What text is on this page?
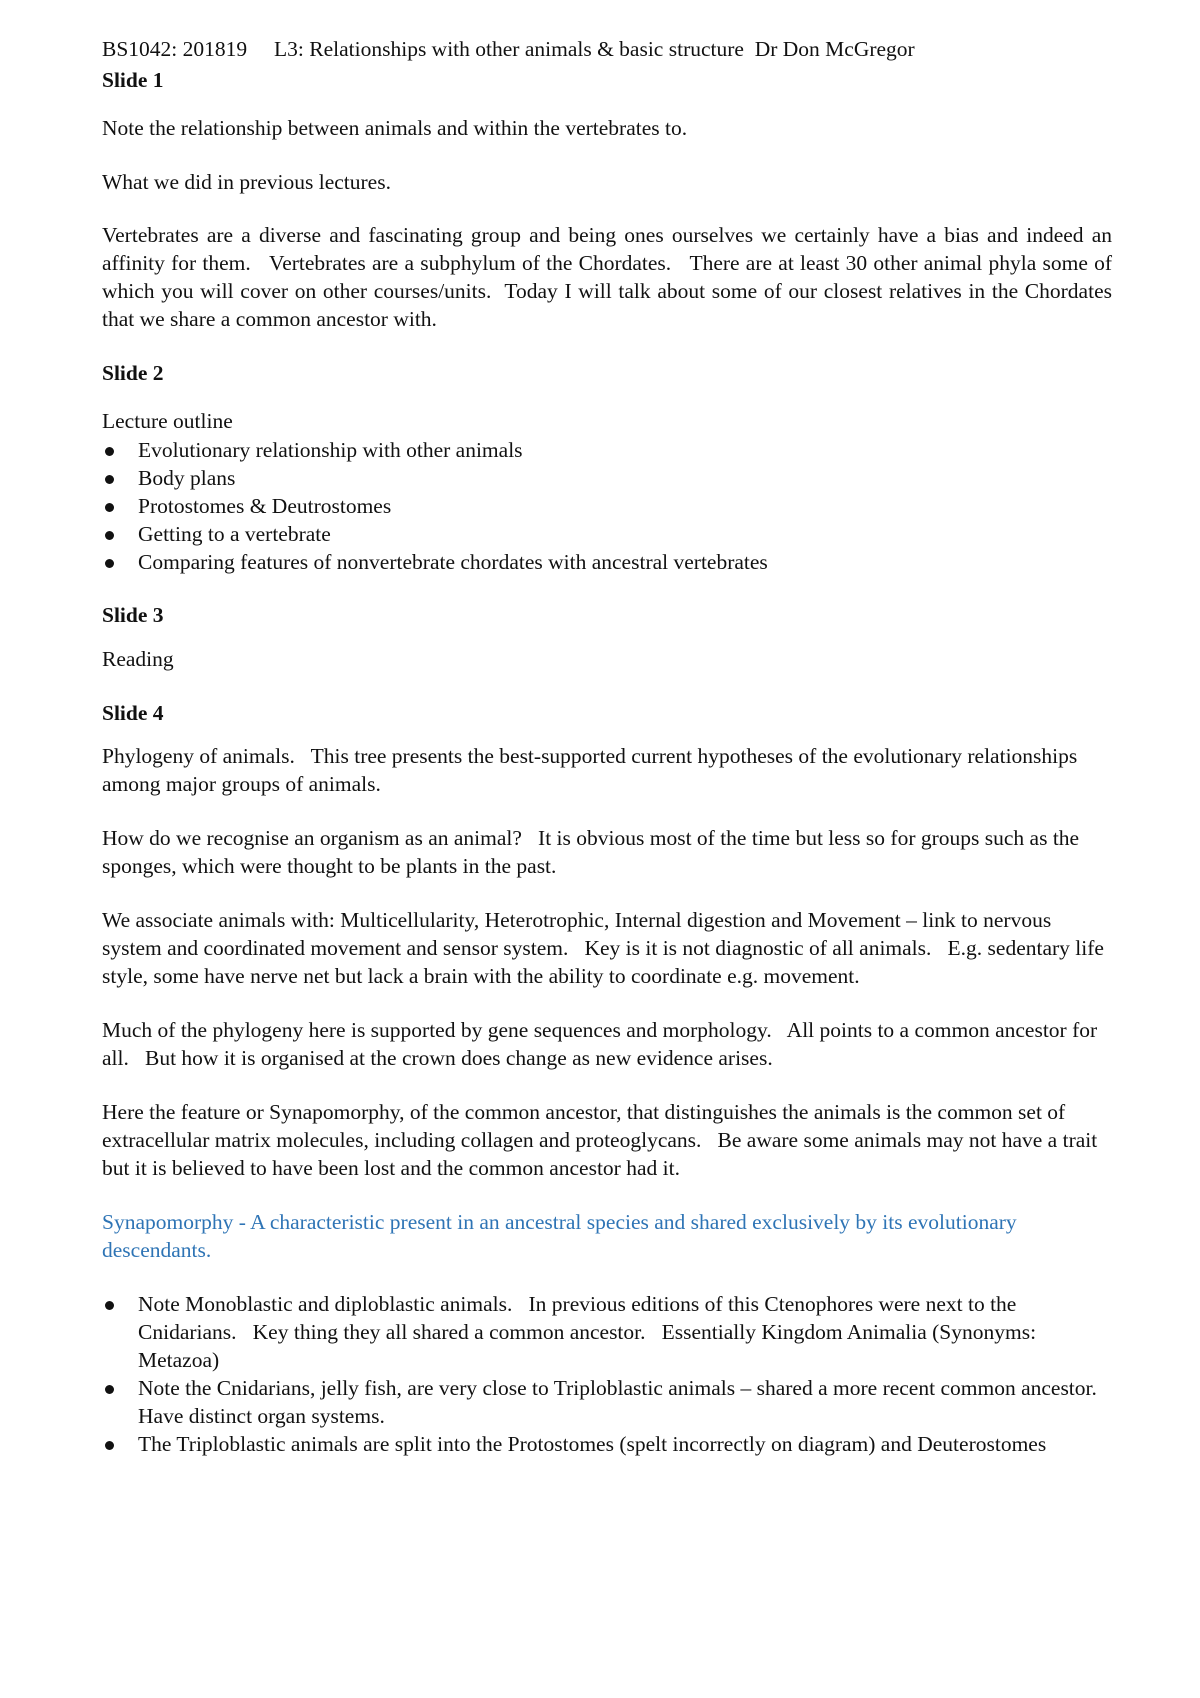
BS1042: 201819     L3: Relationships with other animals & basic structure  Dr Don McGregor

Slide 1

Note the relationship between animals and within the vertebrates to.

What we did in previous lectures.

Vertebrates are a diverse and fascinating group and being ones ourselves we certainly have a bias and indeed an affinity for them.   Vertebrates are a subphylum of the Chordates.   There are at least 30 other animal phyla some of which you will cover on other courses/units.  Today I will talk about some of our closest relatives in the Chordates that we share a common ancestor with.

Slide 2

Lecture outline

Evolutionary relationship with other animals
Body plans
Protostomes & Deutrostomes
Getting to a vertebrate
Comparing features of nonvertebrate chordates with ancestral vertebrates

Slide 3

Reading

Slide 4

Phylogeny of animals.   This tree presents the best-supported current hypotheses of the evolutionary relationships among major groups of animals.

How do we recognise an organism as an animal?   It is obvious most of the time but less so for groups such as the sponges, which were thought to be plants in the past.

We associate animals with: Multicellularity, Heterotrophic, Internal digestion and Movement – link to nervous system and coordinated movement and sensor system.   Key is it is not diagnostic of all animals.   E.g. sedentary life style, some have nerve net but lack a brain with the ability to coordinate e.g. movement.

Much of the phylogeny here is supported by gene sequences and morphology.   All points to a common ancestor for all.   But how it is organised at the crown does change as new evidence arises.

Here the feature or Synapomorphy, of the common ancestor, that distinguishes the animals is the common set of extracellular matrix molecules, including collagen and proteoglycans.   Be aware some animals may not have a trait but it is believed to have been lost and the common ancestor had it.

Synapomorphy - A characteristic present in an ancestral species and shared exclusively by its evolutionary descendants.

Note Monoblastic and diploblastic animals.   In previous editions of this Ctenophores were next to the Cnidarians.   Key thing they all shared a common ancestor.   Essentially Kingdom Animalia (Synonyms: Metazoa)
Note the Cnidarians, jelly fish, are very close to Triploblastic animals – shared a more recent common ancestor.   Have distinct organ systems.
The Triploblastic animals are split into the Protostomes (spelt incorrectly on diagram) and Deuterostomes
